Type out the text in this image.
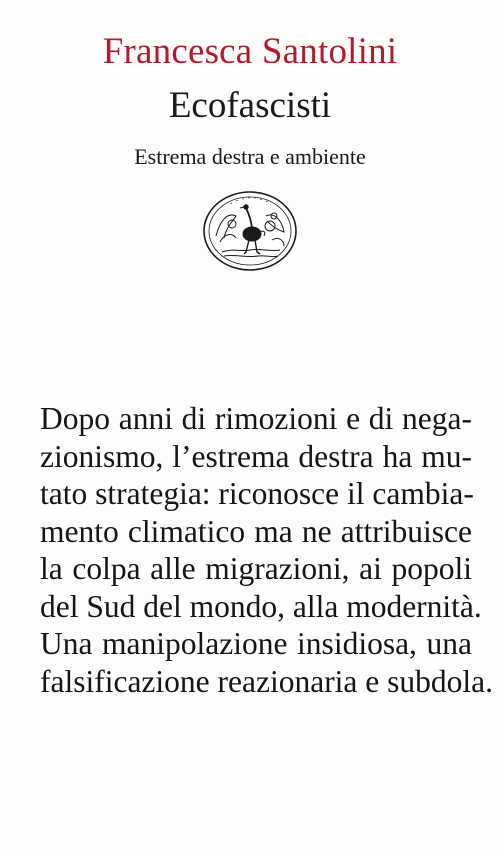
Francesca Santolini
Ecofascisti
Estrema destra e ambiente
Dopo anni di rimozioni e di nega-
zionismo, l’estrema destra ha mu-
tato strategia: riconosce il cambia-
mento climatico ma ne attribuisce
la colpa alle migrazioni, ai popoli
del Sud del mondo, alla modernità.
Una manipolazione insidiosa, una
falsificazione reazionaria e subdola.
